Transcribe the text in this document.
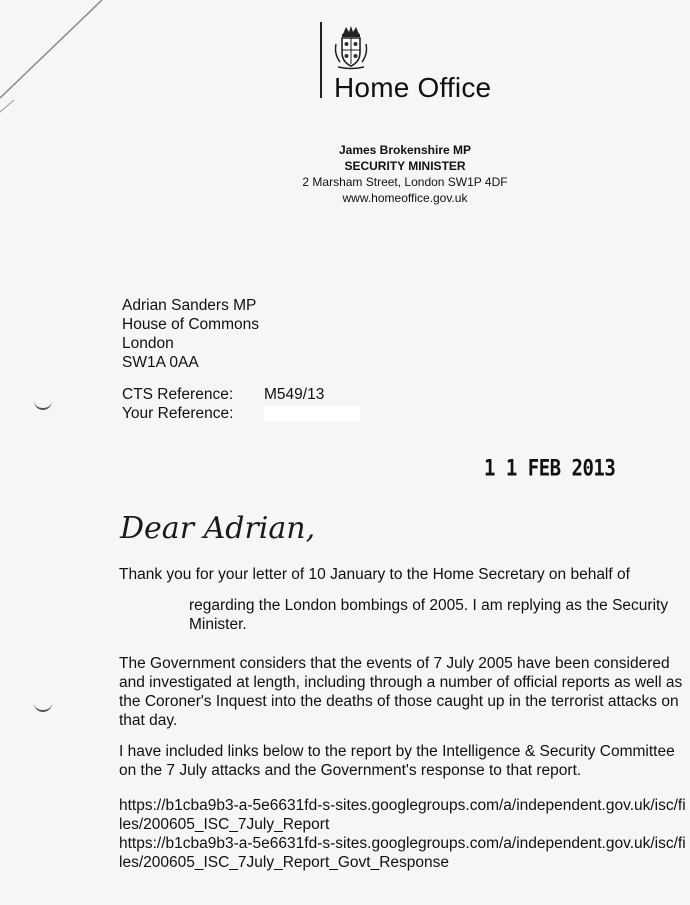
Home Office
James Brokenshire MP
SECURITY MINISTER
2 Marsham Street, London SW1P 4DF
www.homeoffice.gov.uk
Adrian Sanders MP
House of Commons
London
SW1A 0AA
CTS Reference:	M549/13
Your Reference:
1 1 FEB 2013
Dear Adrian,
Thank you for your letter of 10 January to the Home Secretary on behalf of
regarding the London bombings of 2005. I am replying as the Security Minister.
The Government considers that the events of 7 July 2005 have been considered and investigated at length, including through a number of official reports as well as the Coroner's Inquest into the deaths of those caught up in the terrorist attacks on that day.
I have included links below to the report by the Intelligence & Security Committee on the 7 July attacks and the Government's response to that report.
https://b1cba9b3-a-5e6631fd-s-sites.googlegroups.com/a/independent.gov.uk/isc/files/200605_ISC_7July_Report
https://b1cba9b3-a-5e6631fd-s-sites.googlegroups.com/a/independent.gov.uk/isc/files/200605_ISC_7July_Report_Govt_Response
